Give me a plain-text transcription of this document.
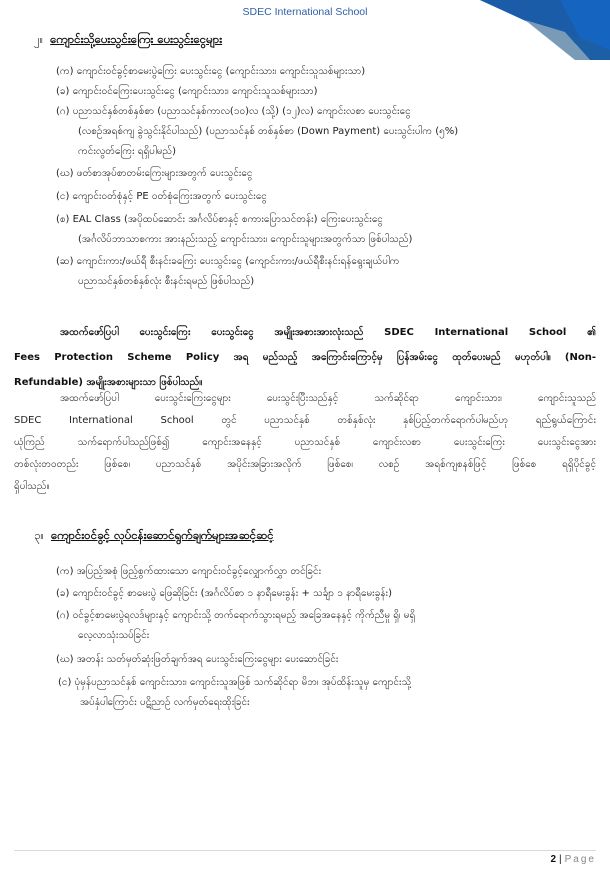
SDEC International School
၂။ ကျောင်းသို့ပေးသွင်းကြေး ပေးသွင်းငွေများ
(က) ကျောင်းဝင်ခွင့်စာမေးပွဲကြေး ပေးသွင်းငွေ (ကျောင်းသား၊ ကျောင်းသူသစ်များသာ)
(ခ) ကျောင်းဝင်ကြေးပေးသွင်းငွေ (ကျောင်းသား၊ ကျောင်းသူသစ်များသာ)
(ဂ) ပညာသင်နှစ်တစ်နှစ်စာ (ပညာသင်နှစ်ကာလ(၁၀)လ (သို့) (၁၂)လ) ကျောင်းလစာ ပေးသွင်းငွေ
(လစဥ်အရစ်ကျ ခွဲသွင်းနိုင်ပါသည်) (ပညာသင်နှစ် တစ်နှစ်စာ (Down Payment) ပေးသွင်းပါက (၅%)
ကင်းလွတ်ကြေး ရရှိပါမည်)
(ဃ) ဖတ်စာအုပ်စာတမ်းကြေးများအတွက် ပေးသွင်းငွေ
(င) ကျောင်းဝတ်စုံနှင့် PE ဝတ်စုံကြေးအတွက် ပေးသွင်းငွေ
(စ) EAL Class (အပိုထပ်ဆောင်း အင်္ဂလိပ်စာနှင့် စကားပြောသင်တန်း) ကြေးပေးသွင်းငွေ
(အင်္ဂလိပ်ဘာသာစကား အားနည်းသည့် ကျောင်းသား၊ ကျောင်းသူများအတွက်သာ ဖြစ်ပါသည်)
(ဆ) ကျောင်းကား/ဖယ်ရီ စီးနင်းခကြေး ပေးသွင်းငွေ (ကျောင်းကား/ဖယ်ရီစီးနင်းရန်ရွေးချယ်ပါက
ပညာသင်နှစ်တစ်နှစ်လုံး စီးနင်းရမည် ဖြစ်ပါသည်)
အထက်ဖော်ပြပါ ပေးသွင်းကြေး ပေးသွင်းငွေ အမျိုးအစားအားလုံးသည် SDEC International School ၏
Fees Protection Scheme Policy အရ မည်သည့် အကြောင်းကြောင့်မှ ပြန်အမ်းငွေ ထုတ်ပေးမည် မဟုတ်ပါ။ (Non-
Refundable) အမျိုးအစားများသာ ဖြစ်ပါသည်။
အထက်ဖော်ပြပါ ပေးသွင်းကြေးငွေများ ပေးသွင်းပြီးသည်နှင့် သက်ဆိုင်ရာ ကျောင်းသား၊ ကျောင်းသူသည်
SDEC International School တွင် ပညာသင်နှစ် တစ်နှစ်လုံး နှစ်ပြည့်တက်ရောက်ပါမည်ဟု ရည်ရွယ်ကြောင်း
ယုံကြည် သက်ရောက်ပါသည်ဖြစ်၍ ကျောင်းအနေနှင့် ပညာသင်နှစ် ကျောင်းလစာ ပေးသွင်းကြေး ပေးသွင်းငွေအား
တစ်လုံးတဝတည်း ဖြစ်စေ၊ ပညာသင်နှစ် အပိုင်းအခြားအလိုက် ဖြစ်စေ၊ လစဥ် အရစ်ကျစနစ်ဖြင့် ဖြစ်စေ ရရှိပိုင်ခွင့်
ရှိပါသည်။
၃။ ကျောင်းဝင်ခွင့် လုပ်ငန်းဆောင်ရွက်ချက်များအဆင့်ဆင့်
(က) အပြည့်အစုံ ဖြည့်စွက်ထားသော ကျောင်းဝင်ခွင့်လျှောက်လွှာ တင်ခြင်း
(ခ) ကျောင်းဝင်ခွင့် စာမေးပွဲ ဖြေဆိုခြင်း (အင်္ဂလိပ်စာ ၁ နာရီမေးခွန်း + သင်္ချာ ၁ နာရီမေးခွန်း)
(ဂ) ဝင်ခွင့်စာမေးပွဲရလဒ်များနှင့် ကျောင်းသို့ တက်ရောက်သွားရမည့် အခြေအနေနှင့် ကိုက်ညီမှု ရှိ၊ မရှိ
လေ့လာသုံးသပ်ခြင်း
(ဃ) အတန်း သတ်မှတ်ဆုံးဖြတ်ချက်အရ ပေးသွင်းကြေးငွေများ ပေးဆောင်ခြင်း
(င) ပုံမှန်ပညာသင်နှစ် ကျောင်းသား၊ ကျောင်းသူအဖြစ် သက်ဆိုင်ရာ မိဘ၊ အုပ်ထိန်းသူမှ ကျောင်းသို့
အပ်နှံပါကြောင်း ပဋိညာဉ် လက်မှတ်ရေးထိုးခြင်း
2 | Page
